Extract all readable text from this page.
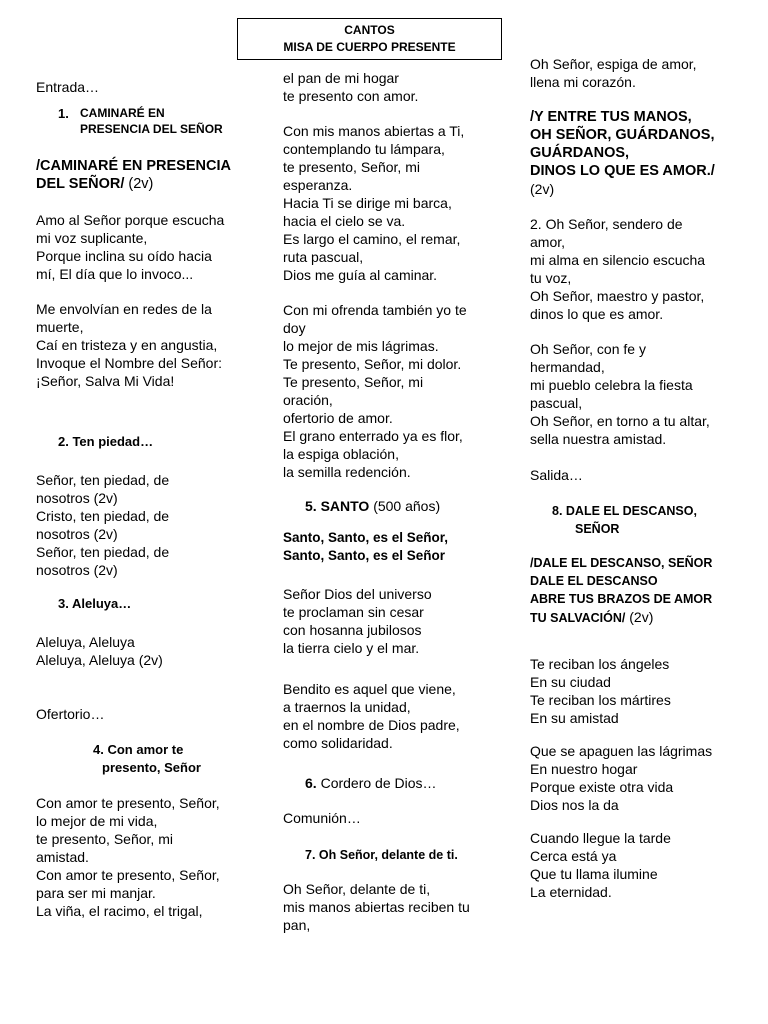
CANTOS
MISA DE CUERPO PRESENTE
Entrada…
1. CAMINARÉ EN
PRESENCIA DEL SEÑOR
/CAMINARÉ EN PRESENCIA
DEL SEÑOR/ (2v)
Amo al Señor porque escucha
mi voz suplicante,
Porque inclina su oído hacia
mí, El día que lo invoco...
Me envolvían en redes de la
muerte,
Caí en tristeza y en angustia,
Invoque el Nombre del Señor:
¡Señor, Salva Mi Vida!
2. Ten piedad…
Señor, ten piedad, de
nosotros (2v)
Cristo, ten piedad, de
nosotros (2v)
Señor, ten piedad, de
nosotros (2v)
3. Aleluya…
Aleluya, Aleluya
Aleluya, Aleluya (2v)
Ofertorio…
4. Con amor te
presento, Señor
Con amor te presento, Señor,
lo mejor de mi vida,
te presento, Señor, mi
amistad.
Con amor te presento, Señor,
para ser mi manjar.
La viña, el racimo, el trigal,
el pan de mi hogar
te presento con amor.
Con mis manos abiertas a Ti,
contemplando tu lámpara,
te presento, Señor, mi
esperanza.
Hacia Ti se dirige mi barca,
hacia el cielo se va.
Es largo el camino, el remar,
ruta pascual,
Dios me guía al caminar.
Con mi ofrenda también yo te
doy
lo mejor de mis lágrimas.
Te presento, Señor, mi dolor.
Te presento, Señor, mi
oración,
ofertorio de amor.
El grano enterrado ya es flor,
la espiga oblación,
la semilla redención.
5. SANTO (500 años)
Santo, Santo, es el Señor,
Santo, Santo, es el Señor
Señor Dios del universo
te proclaman sin cesar
con hosanna jubilosos
la tierra cielo y el mar.
Bendito es aquel que viene,
a traernos la unidad,
en el nombre de Dios padre,
como solidaridad.
6. Cordero de Dios…
Comunión…
7. Oh Señor, delante de ti.
Oh Señor, delante de ti,
mis manos abiertas reciben tu
pan,
Oh Señor, espiga de amor,
llena mi corazón.
/Y ENTRE TUS MANOS,
OH SEÑOR, GUÁRDANOS,
GUÁRDANOS,
DINOS LO QUE ES AMOR./
(2v)
2. Oh Señor, sendero de
amor,
mi alma en silencio escucha
tu voz,
Oh Señor, maestro y pastor,
dinos lo que es amor.
Oh Señor, con fe y
hermandad,
mi pueblo celebra la fiesta
pascual,
Oh Señor, en torno a tu altar,
sella nuestra amistad.
Salida…
8. DALE EL DESCANSO,
SEÑOR
/DALE EL DESCANSO, SEÑOR
DALE EL DESCANSO
ABRE TUS BRAZOS DE AMOR
TU SALVACIÓN/ (2v)
Te reciban los ángeles
En su ciudad
Te reciban los mártires
En su amistad
Que se apaguen las lágrimas
En nuestro hogar
Porque existe otra vida
Dios nos la da
Cuando llegue la tarde
Cerca está ya
Que tu llama ilumine
La eternidad.
